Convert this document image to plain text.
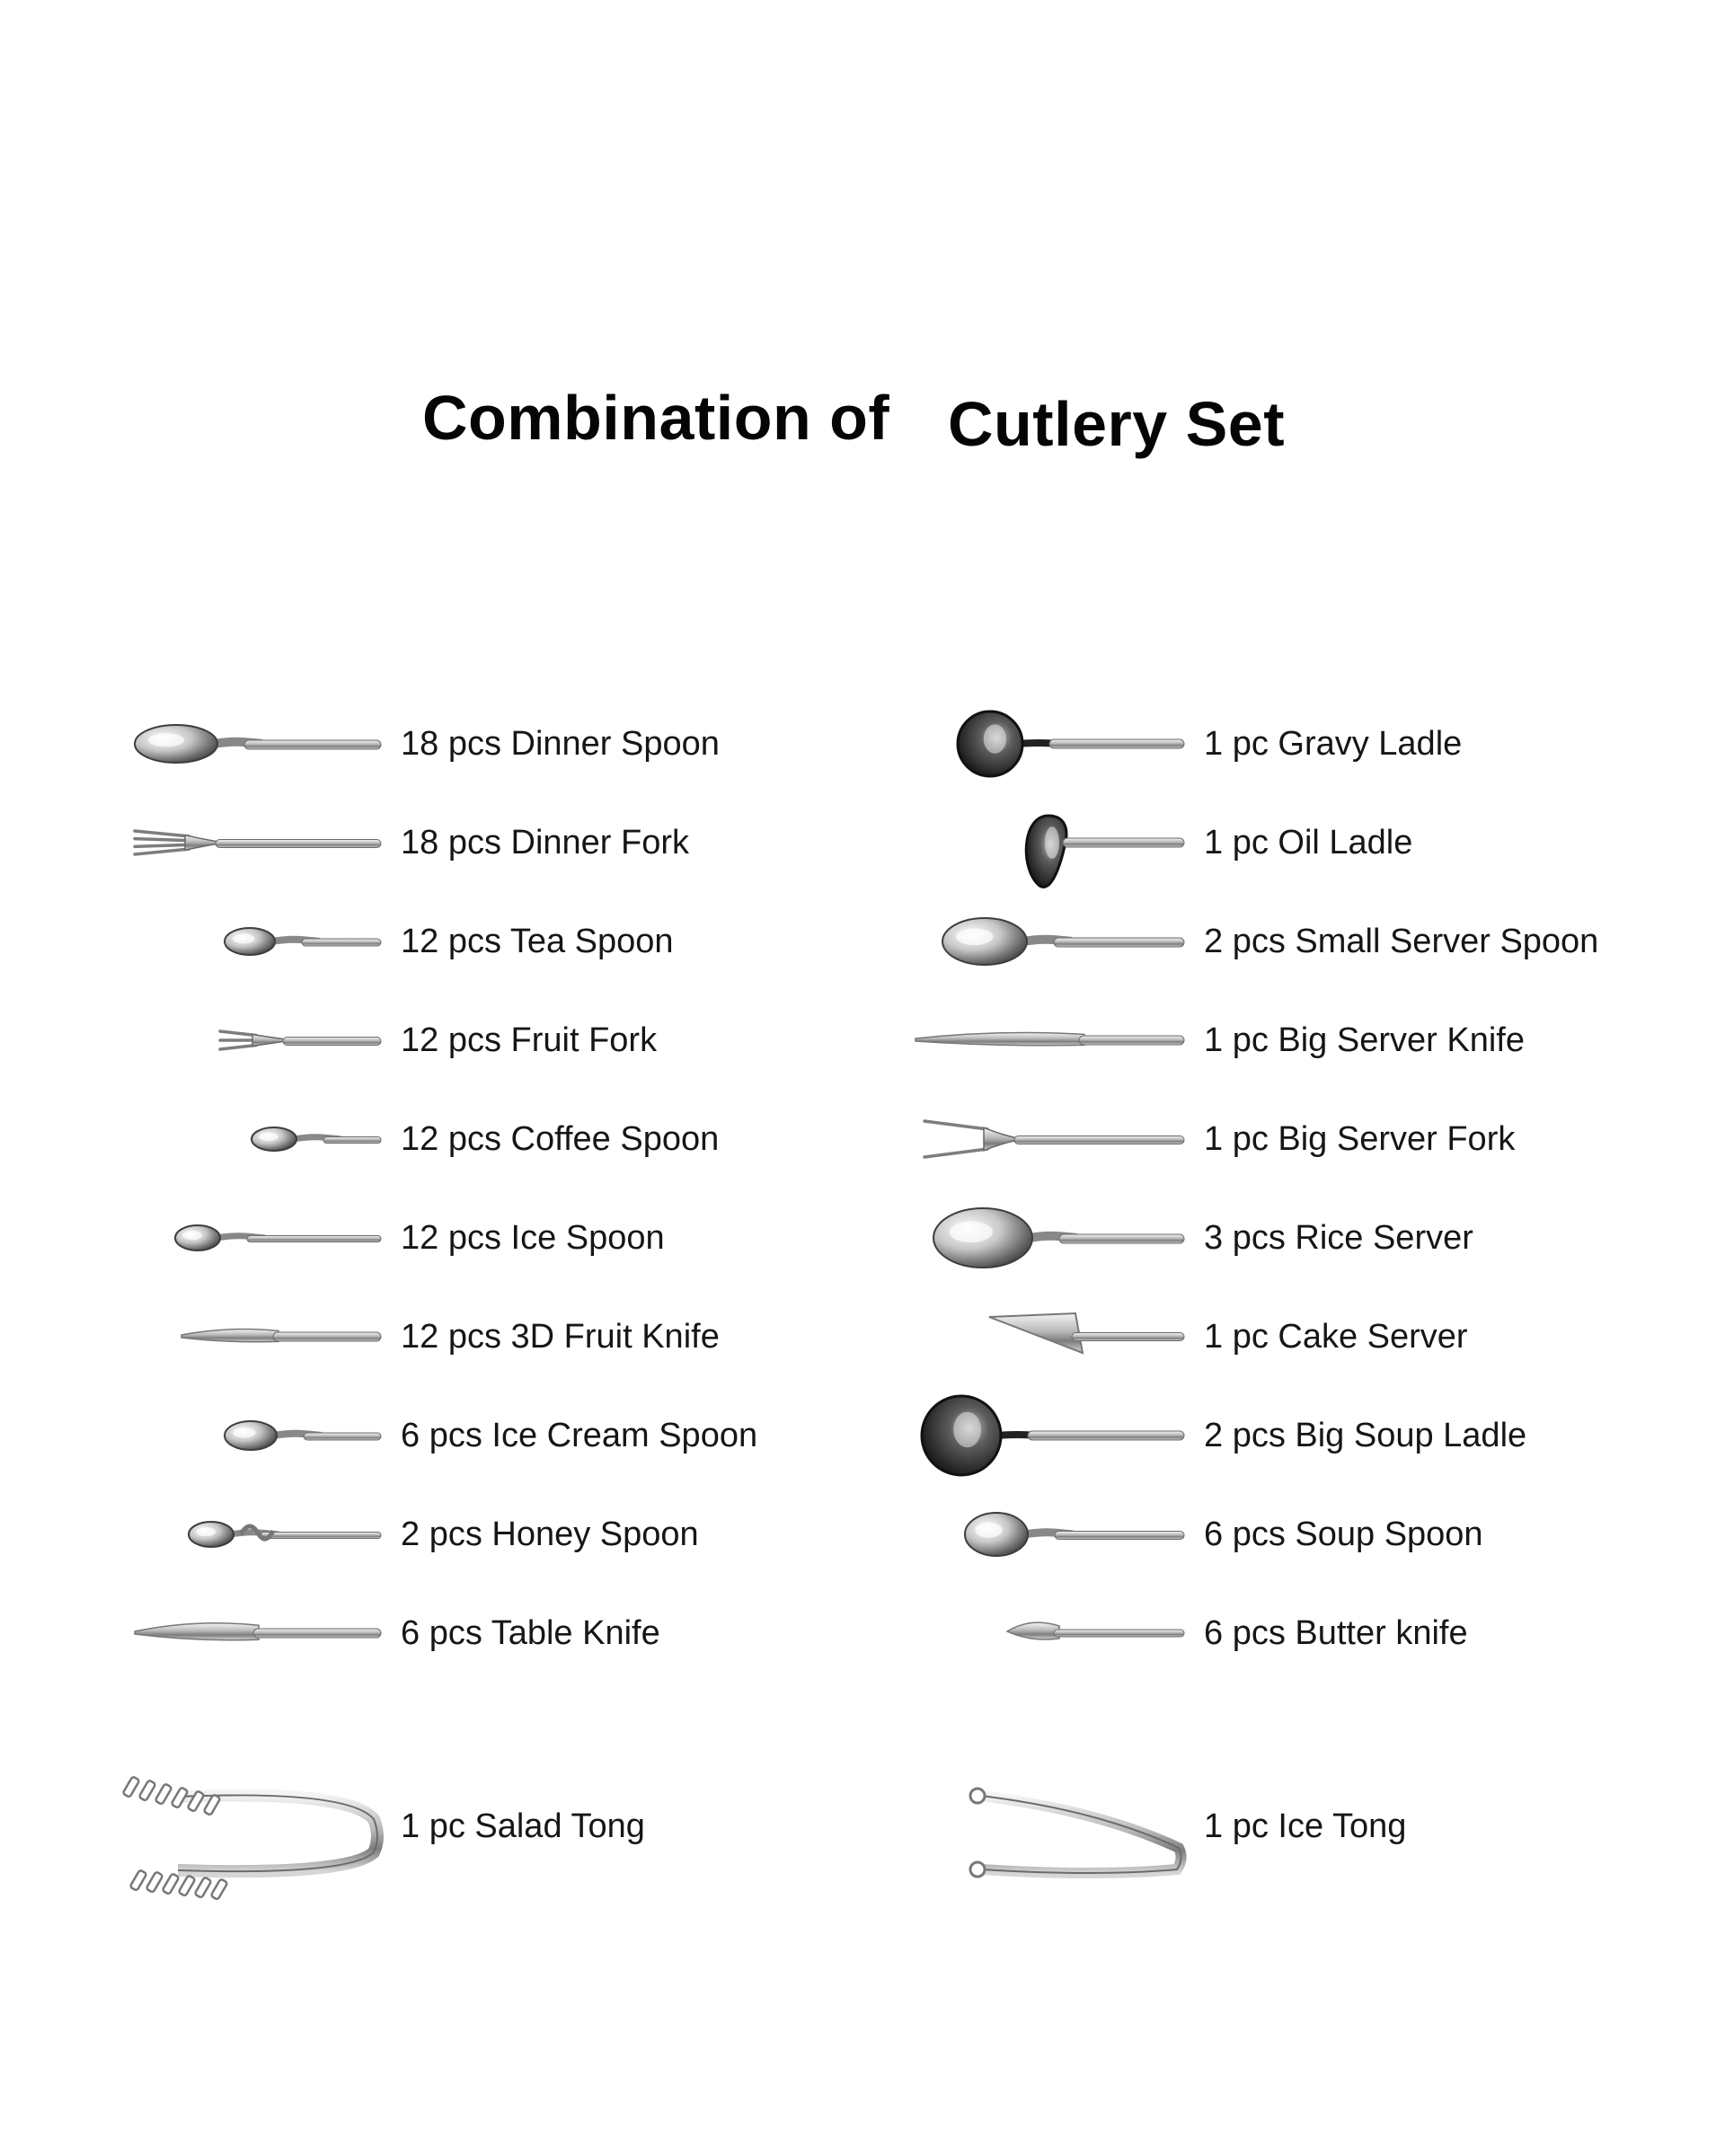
Combination of Cutlery Set
18 pcs Dinner Spoon
18 pcs Dinner Fork
12 pcs Tea Spoon
12 pcs Fruit Fork
12 pcs Coffee Spoon
12 pcs Ice Spoon
12 pcs 3D Fruit Knife
6 pcs Ice Cream Spoon
2 pcs Honey Spoon
6 pcs Table Knife
1 pc Salad Tong
1 pc Gravy Ladle
1 pc Oil Ladle
2 pcs Small Server Spoon
1 pc Big Server Knife
1 pc Big Server Fork
3 pcs Rice Server
1 pc Cake Server
2 pcs Big Soup Ladle
6 pcs Soup Spoon
6 pcs Butter knife
1 pc Ice Tong
